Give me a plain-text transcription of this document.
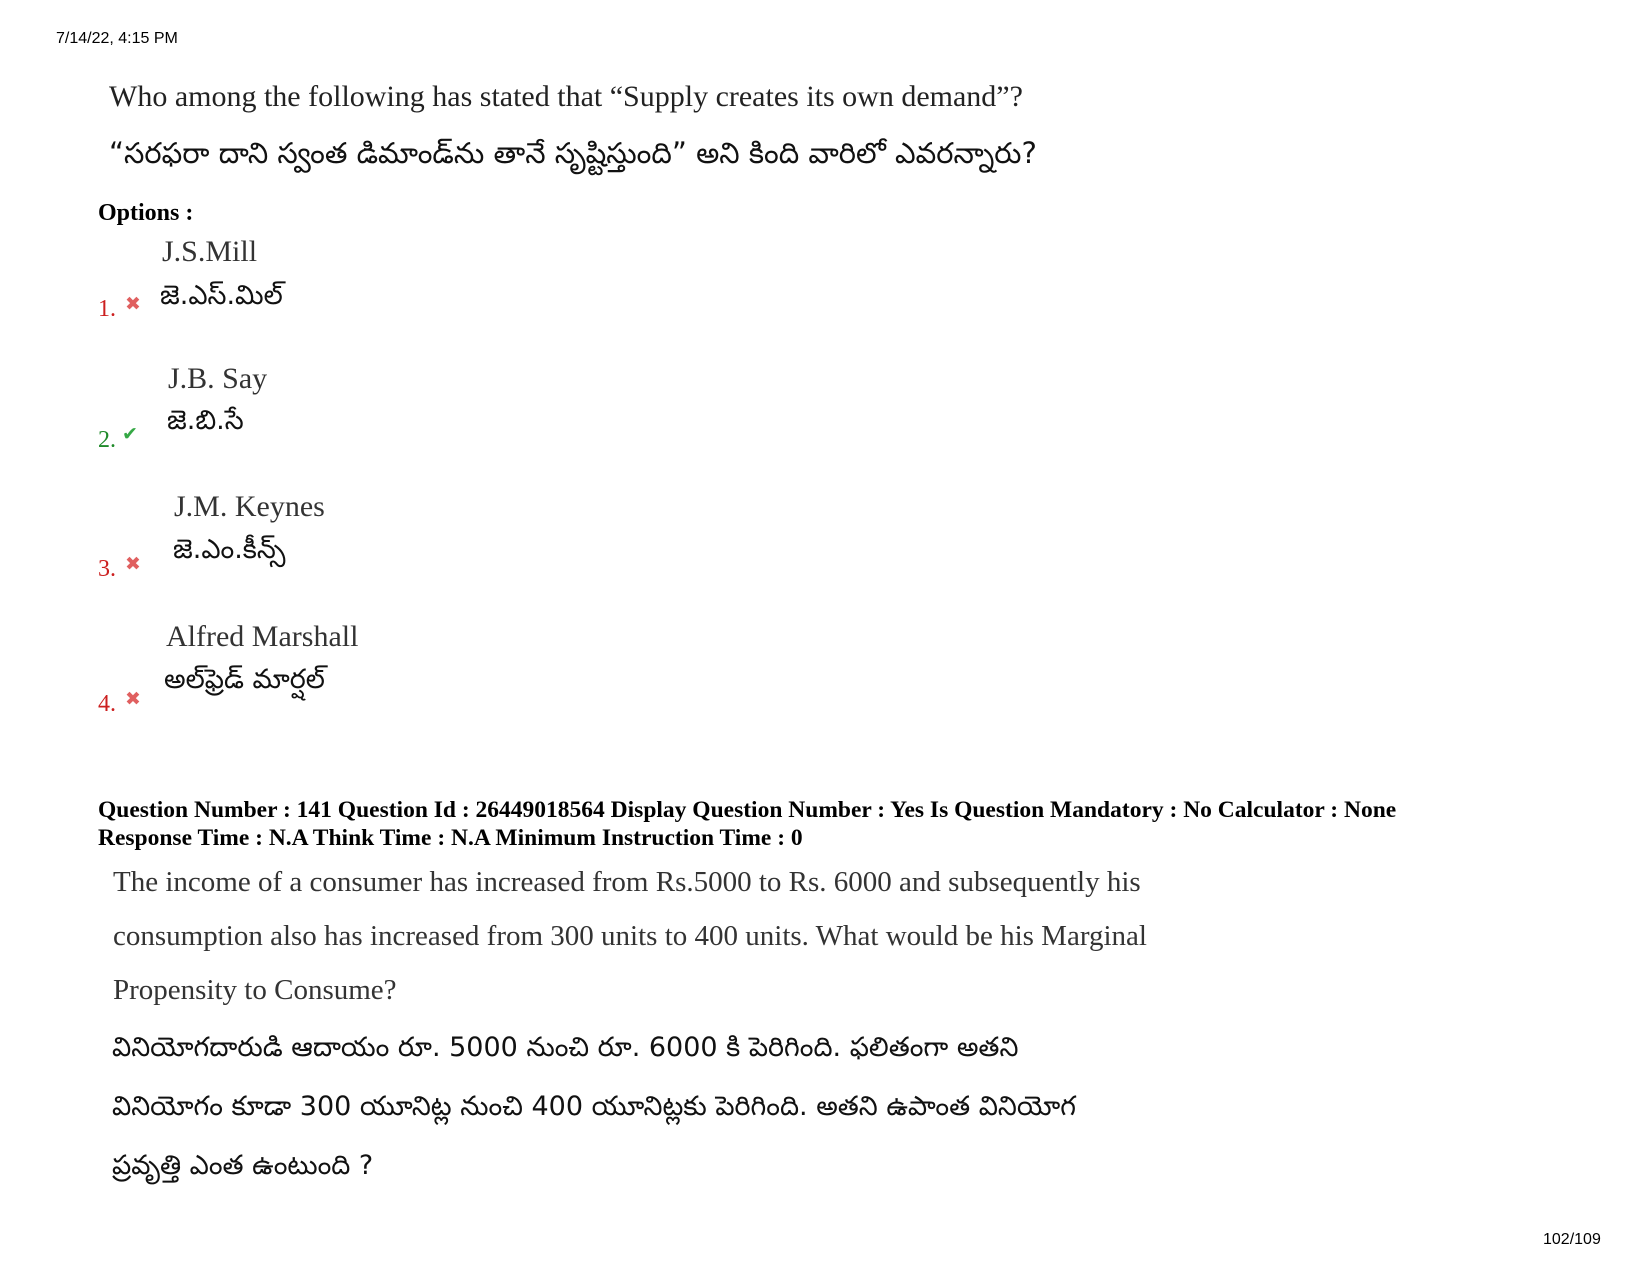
7/14/22, 4:15 PM
Who among the following has stated that “Supply creates its own demand”?
“సరఫరా దాని స్వంత డిమాండ్‌ను తానే సృష్టిస్తుంది” అని కింది వారిలో ఎవరన్నారు?
Options :
J.S.Mill
జె.ఎస్.మిల్
1. ✖
J.B. Say
జె.బి.సే
2. ✔
J.M. Keynes
జె.ఎం.కీన్స్
3. ✖
Alfred Marshall
అల్‌ఫ్రెడ్ మార్షల్
4. ✖
Question Number : 141 Question Id : 26449018564 Display Question Number : Yes Is Question Mandatory : No Calculator : None
Response Time : N.A Think Time : N.A Minimum Instruction Time : 0
The income of a consumer has increased from Rs.5000 to Rs. 6000 and subsequently his
consumption also has increased from 300 units to 400 units. What would be his Marginal
Propensity to Consume?
వినియోగదారుడి ఆదాయం రూ. 5000 నుంచి రూ. 6000 కి పెరిగింది. ఫలితంగా అతని
వినియోగం కూడా 300 యూనిట్ల నుంచి 400 యూనిట్లకు పెరిగింది. అతని ఉపాంత వినియోగ
ప్రవృత్తి ఎంత ఉంటుంది ?
102/109
